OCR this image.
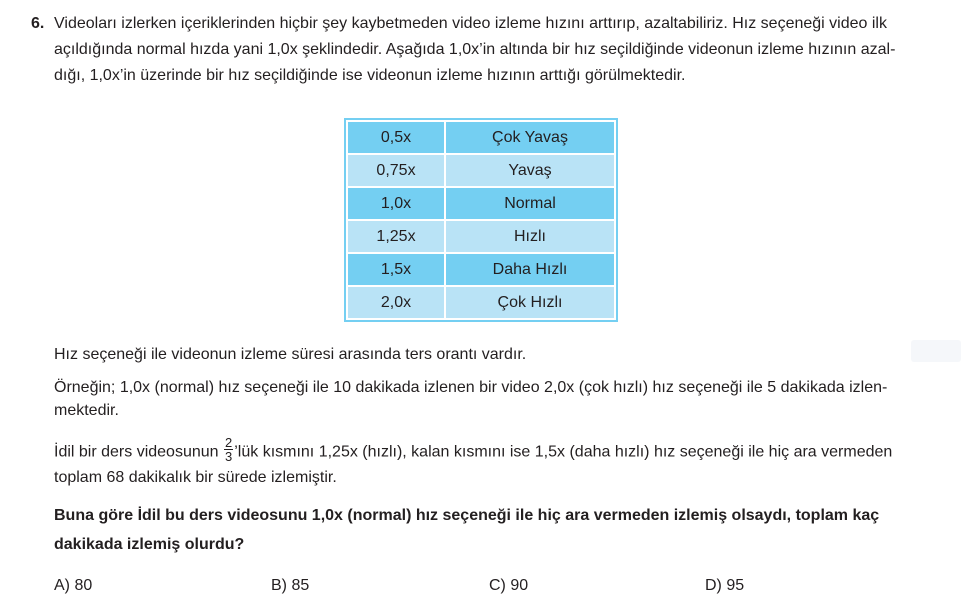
6. Videoları izlerken içeriklerinden hiçbir şey kaybetmeden video izleme hızını arttırıp, azaltabiliriz. Hız seçeneği video ilk
açıldığında normal hızda yani 1,0x şeklindedir. Aşağıda 1,0x’in altında bir hız seçildiğinde videonun izleme hızının azal-
dığı, 1,0x’in üzerinde bir hız seçildiğinde ise videonun izleme hızının arttığı görülmektedir.
0,5x	Çok Yavaş
0,75x	Yavaş
1,0x	Normal
1,25x	Hızlı
1,5x	Daha Hızlı
2,0x	Çok Hızlı
Hız seçeneği ile videonun izleme süresi arasında ters orantı vardır.
Örneğin; 1,0x (normal) hız seçeneği ile 10 dakikada izlenen bir video 2,0x (çok hızlı) hız seçeneği ile 5 dakikada izlen-
mektedir.
İdil bir ders videosunun $\frac{2}{3}$ ’lük kısmını 1,25x (hızlı), kalan kısmını ise 1,5x (daha hızlı) hız seçeneği ile hiç ara vermeden
toplam 68 dakikalık bir sürede izlemiştir.
Buna göre İdil bu ders videosunu 1,0x (normal) hız seçeneği ile hiç ara vermeden izlemiş olsaydı, toplam kaç
dakikada izlemiş olurdu?
A) 80	B) 85	C) 90	D) 95
